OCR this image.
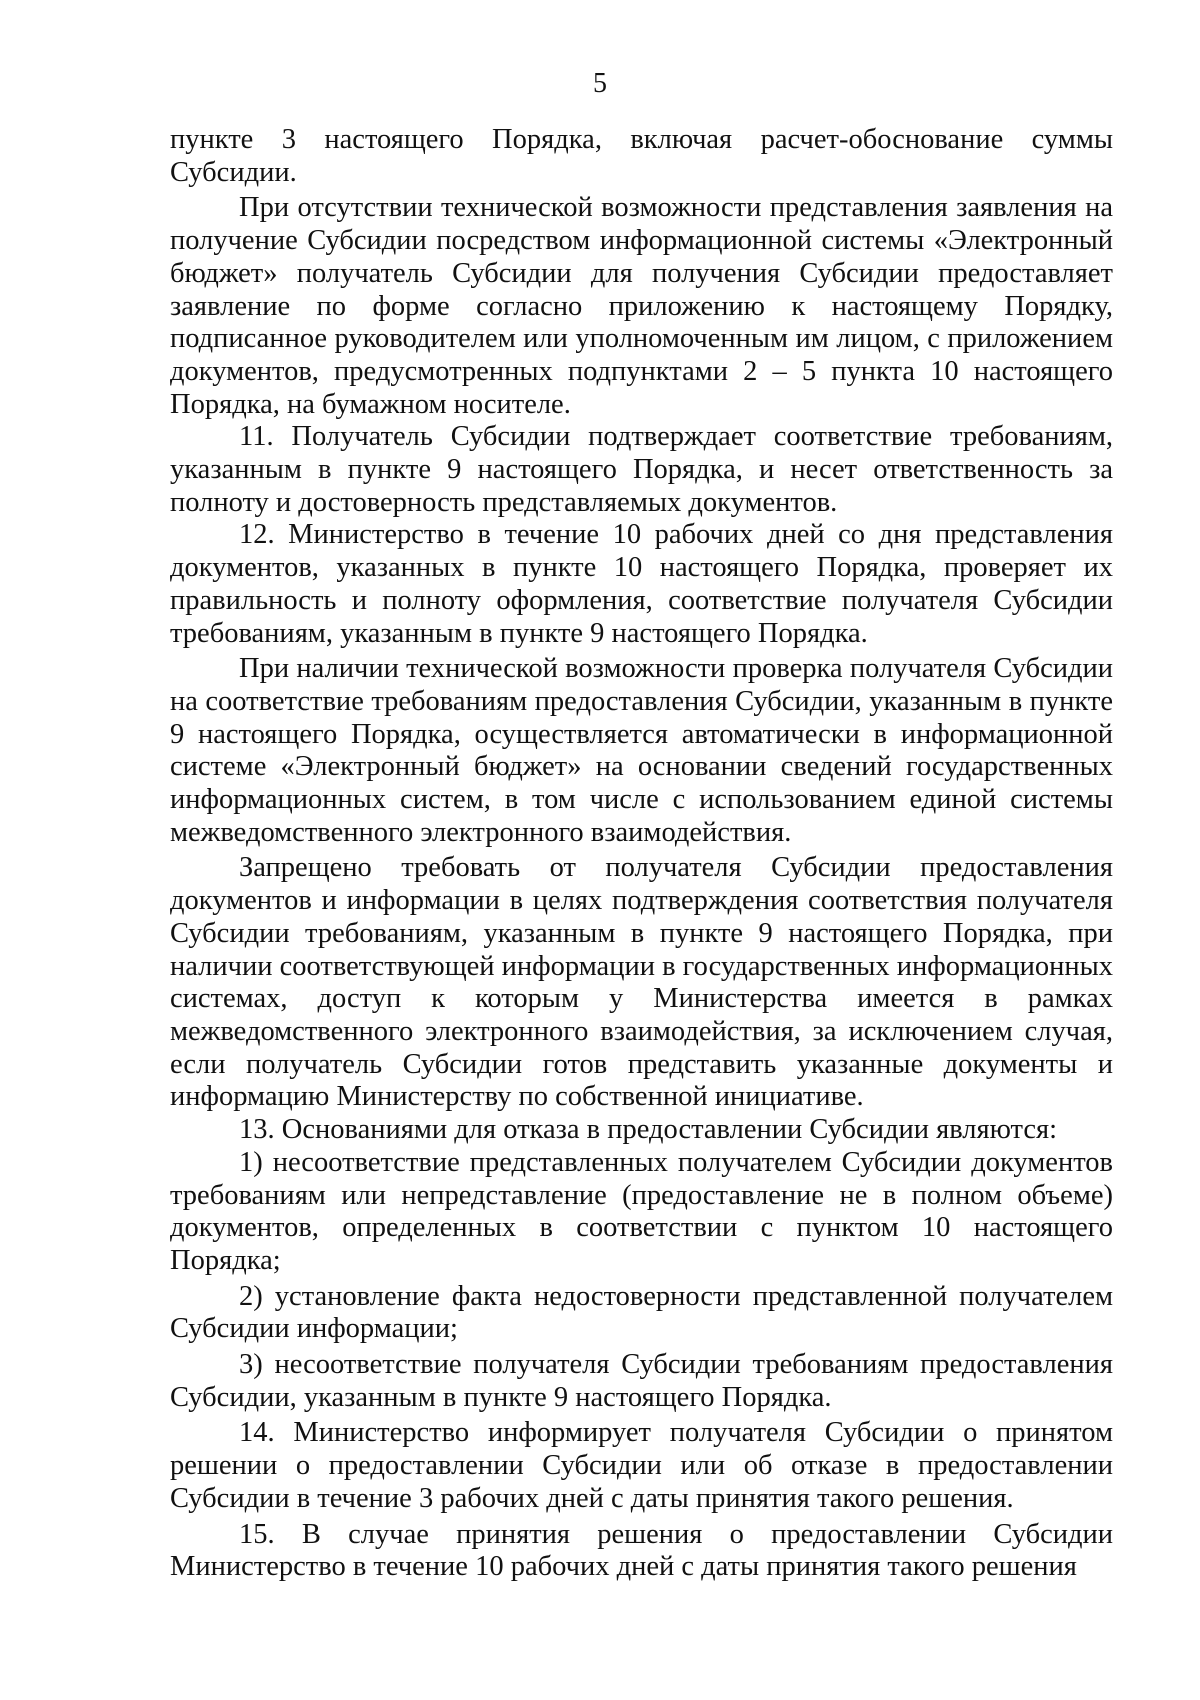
5

пункте 3 настоящего Порядка, включая расчет-обоснование суммы Субсидии.

При отсутствии технической возможности представления заявления на получение Субсидии посредством информационной системы «Электронный бюджет» получатель Субсидии для получения Субсидии предоставляет заявление по форме согласно приложению к настоящему Порядку, подписанное руководителем или уполномоченным им лицом, с приложением документов, предусмотренных подпунктами 2 – 5 пункта 10 настоящего Порядка, на бумажном носителе.

11. Получатель Субсидии подтверждает соответствие требованиям, указанным в пункте 9 настоящего Порядка, и несет ответственность за полноту и достоверность представляемых документов.

12. Министерство в течение 10 рабочих дней со дня представления документов, указанных в пункте 10 настоящего Порядка, проверяет их правильность и полноту оформления, соответствие получателя Субсидии требованиям, указанным в пункте 9 настоящего Порядка.

При наличии технической возможности проверка получателя Субсидии на соответствие требованиям предоставления Субсидии, указанным в пункте 9 настоящего Порядка, осуществляется автоматически в информационной системе «Электронный бюджет» на основании сведений государственных информационных систем, в том числе с использованием единой системы межведомственного электронного взаимодействия.

Запрещено требовать от получателя Субсидии предоставления документов и информации в целях подтверждения соответствия получателя Субсидии требованиям, указанным в пункте 9 настоящего Порядка, при наличии соответствующей информации в государственных информационных системах, доступ к которым у Министерства имеется в рамках межведомственного электронного взаимодействия, за исключением случая, если получатель Субсидии готов представить указанные документы и информацию Министерству по собственной инициативе.

13. Основаниями для отказа в предоставлении Субсидии являются:

1) несоответствие представленных получателем Субсидии документов требованиям или непредставление (предоставление не в полном объеме) документов, определенных в соответствии с пунктом 10 настоящего Порядка;

2) установление факта недостоверности представленной получателем Субсидии информации;

3) несоответствие получателя Субсидии требованиям предоставления Субсидии, указанным в пункте 9 настоящего Порядка.

14. Министерство информирует получателя Субсидии о принятом решении о предоставлении Субсидии или об отказе в предоставлении Субсидии в течение 3 рабочих дней с даты принятия такого решения.

15. В случае принятия решения о предоставлении Субсидии Министерство в течение 10 рабочих дней с даты принятия такого решения
